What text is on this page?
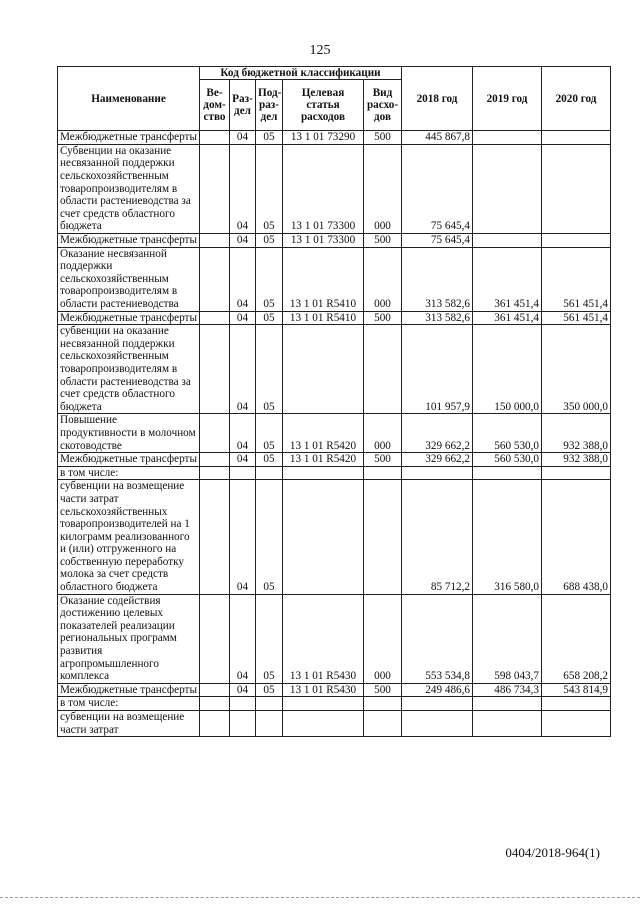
125
Наименование	Код бюджетной классификации					2018 год	2019 год	2020 год
	Ве-дом-ство	Раз-дел	Под-раз-дел	Целевая статья расходов	Вид расхо-дов			
Межбюджетные трансферты		04	05	13 1 01 73290	500	445 867,8		
Субвенции на оказание несвязанной поддержки сельскохозяйственным товаропроизводителям в области растениеводства за счет средств областного бюджета		04	05	13 1 01 73300	000	75 645,4		
Межбюджетные трансферты		04	05	13 1 01 73300	500	75 645,4		
Оказание несвязанной поддержки сельскохозяйственным товаропроизводителям в области растениеводства		04	05	13 1 01 R5410	000	313 582,6	361 451,4	561 451,4
Межбюджетные трансферты		04	05	13 1 01 R5410	500	313 582,6	361 451,4	561 451,4
субвенции на оказание несвязанной поддержки сельскохозяйственным товаропроизводителям в области растениеводства за счет средств областного бюджета		04	05			101 957,9	150 000,0	350 000,0
Повышение продуктивности в молочном скотоводстве		04	05	13 1 01 R5420	000	329 662,2	560 530,0	932 388,0
Межбюджетные трансферты		04	05	13 1 01 R5420	500	329 662,2	560 530,0	932 388,0
в том числе:								
субвенции на возмещение части затрат сельскохозяйственных товаропроизводителей на 1 килограмм реализованного и (или) отгруженного на собственную переработку молока за счет средств областного бюджета		04	05			85 712,2	316 580,0	688 438,0
Оказание содействия достижению целевых показателей реализации региональных программ развития агропромышленного комплекса		04	05	13 1 01 R5430	000	553 534,8	598 043,7	658 208,2
Межбюджетные трансферты		04	05	13 1 01 R5430	500	249 486,6	486 734,3	543 814,9
в том числе:								
субвенции на возмещение части затрат								
0404/2018-964(1)
